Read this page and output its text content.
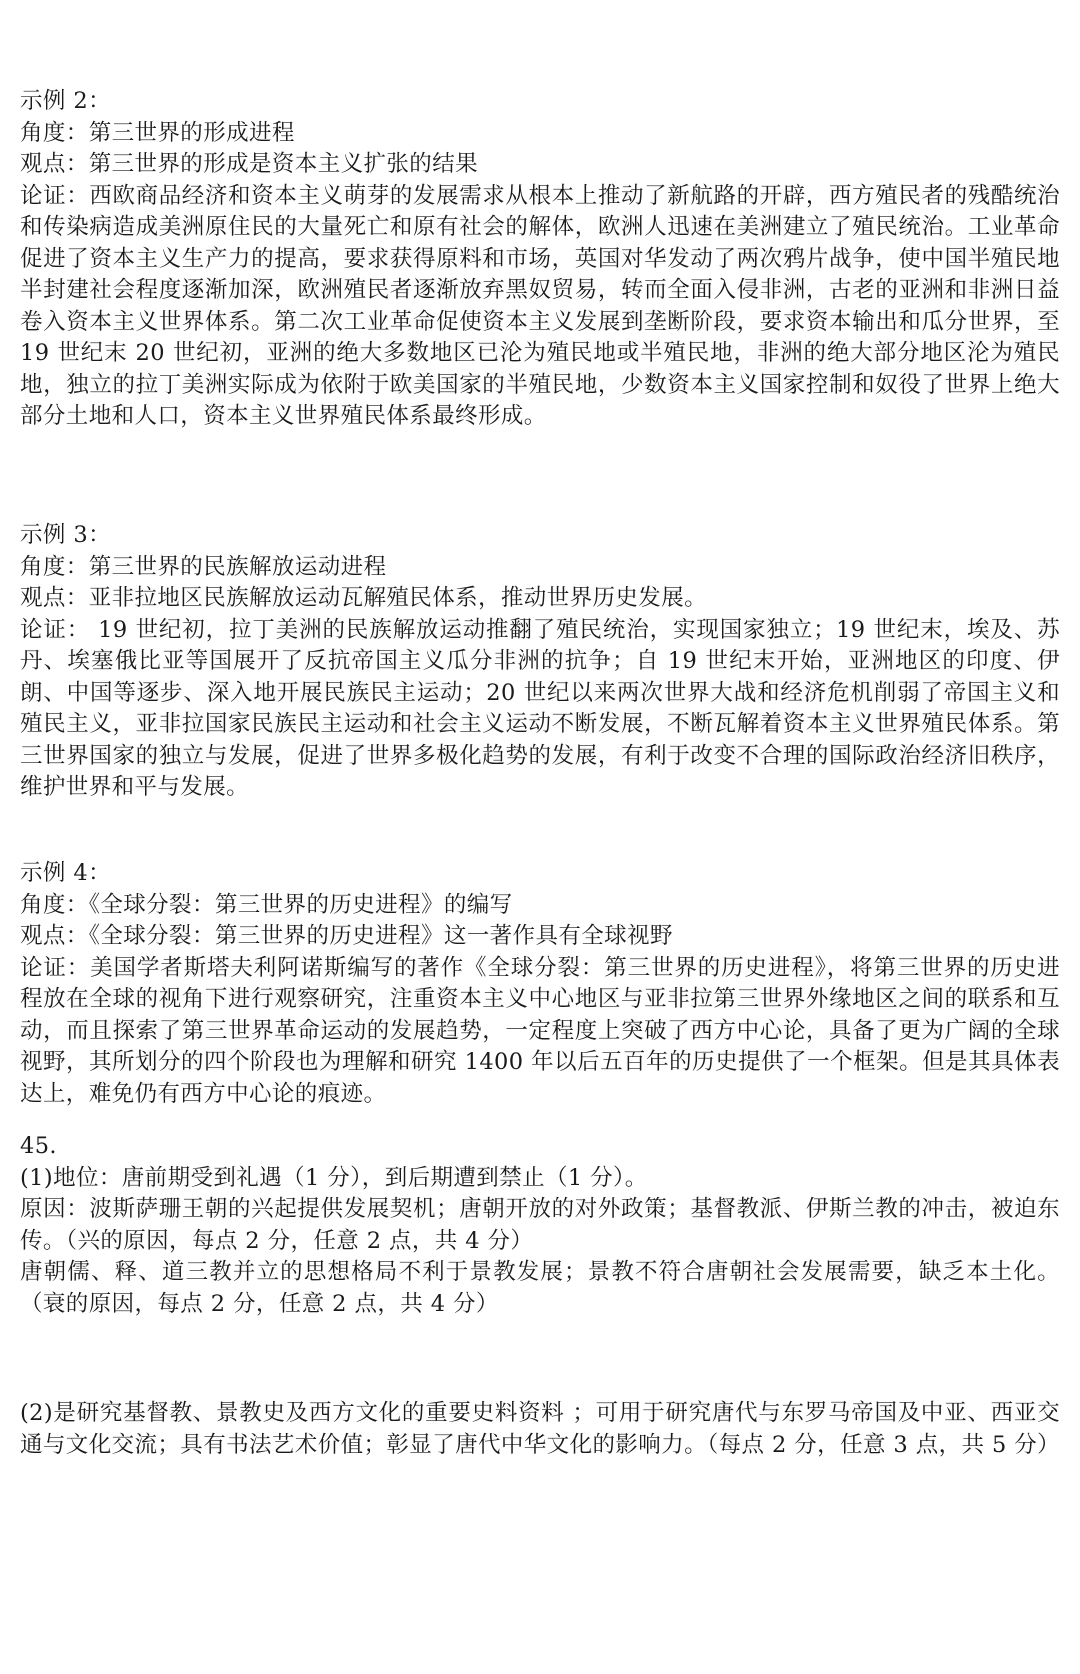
示例 2：
角度：第三世界的形成进程
观点：第三世界的形成是资本主义扩张的结果
论证：西欧商品经济和资本主义萌芽的发展需求从根本上推动了新航路的开辟，西方殖民者的残酷统治和传染病造成美洲原住民的大量死亡和原有社会的解体，欧洲人迅速在美洲建立了殖民统治。工业革命促进了资本主义生产力的提高，要求获得原料和市场，英国对华发动了两次鸦片战争，使中国半殖民地半封建社会程度逐渐加深，欧洲殖民者逐渐放弃黑奴贸易，转而全面入侵非洲，古老的亚洲和非洲日益卷入资本主义世界体系。第二次工业革命促使资本主义发展到垄断阶段，要求资本输出和瓜分世界，至 19 世纪末 20 世纪初，亚洲的绝大多数地区已沦为殖民地或半殖民地，非洲的绝大部分地区沦为殖民地，独立的拉丁美洲实际成为依附于欧美国家的半殖民地，少数资本主义国家控制和奴役了世界上绝大部分土地和人口，资本主义世界殖民体系最终形成。
示例 3：
角度：第三世界的民族解放运动进程
观点：亚非拉地区民族解放运动瓦解殖民体系，推动世界历史发展。
论证： 19 世纪初，拉丁美洲的民族解放运动推翻了殖民统治，实现国家独立；19 世纪末，埃及、苏丹、埃塞俄比亚等国展开了反抗帝国主义瓜分非洲的抗争；自 19 世纪末开始，亚洲地区的印度、伊朗、中国等逐步、深入地开展民族民主运动；20 世纪以来两次世界大战和经济危机削弱了帝国主义和殖民主义，亚非拉国家民族民主运动和社会主义运动不断发展，不断瓦解着资本主义世界殖民体系。第三世界国家的独立与发展，促进了世界多极化趋势的发展，有利于改变不合理的国际政治经济旧秩序，维护世界和平与发展。
示例 4：
角度：《全球分裂：第三世界的历史进程》的编写
观点：《全球分裂：第三世界的历史进程》这一著作具有全球视野
论证：美国学者斯塔夫利阿诺斯编写的著作《全球分裂：第三世界的历史进程》，将第三世界的历史进程放在全球的视角下进行观察研究，注重资本主义中心地区与亚非拉第三世界外缘地区之间的联系和互动，而且探索了第三世界革命运动的发展趋势，一定程度上突破了西方中心论，具备了更为广阔的全球视野，其所划分的四个阶段也为理解和研究 1400 年以后五百年的历史提供了一个框架。但是其具体表达上，难免仍有西方中心论的痕迹。
45.
(1)地位：唐前期受到礼遇（1 分），到后期遭到禁止（1 分）。
原因：波斯萨珊王朝的兴起提供发展契机；唐朝开放的对外政策；基督教派、伊斯兰教的冲击，被迫东传。（兴的原因，每点 2 分，任意 2 点，共 4 分）
唐朝儒、释、道三教并立的思想格局不利于景教发展；景教不符合唐朝社会发展需要，缺乏本土化。（衰的原因，每点 2 分，任意 2 点，共 4 分）
(2)是研究基督教、景教史及西方文化的重要史料资料 ；可用于研究唐代与东罗马帝国及中亚、西亚交通与文化交流；具有书法艺术价值；彰显了唐代中华文化的影响力。（每点 2 分，任意 3 点，共 5 分）
